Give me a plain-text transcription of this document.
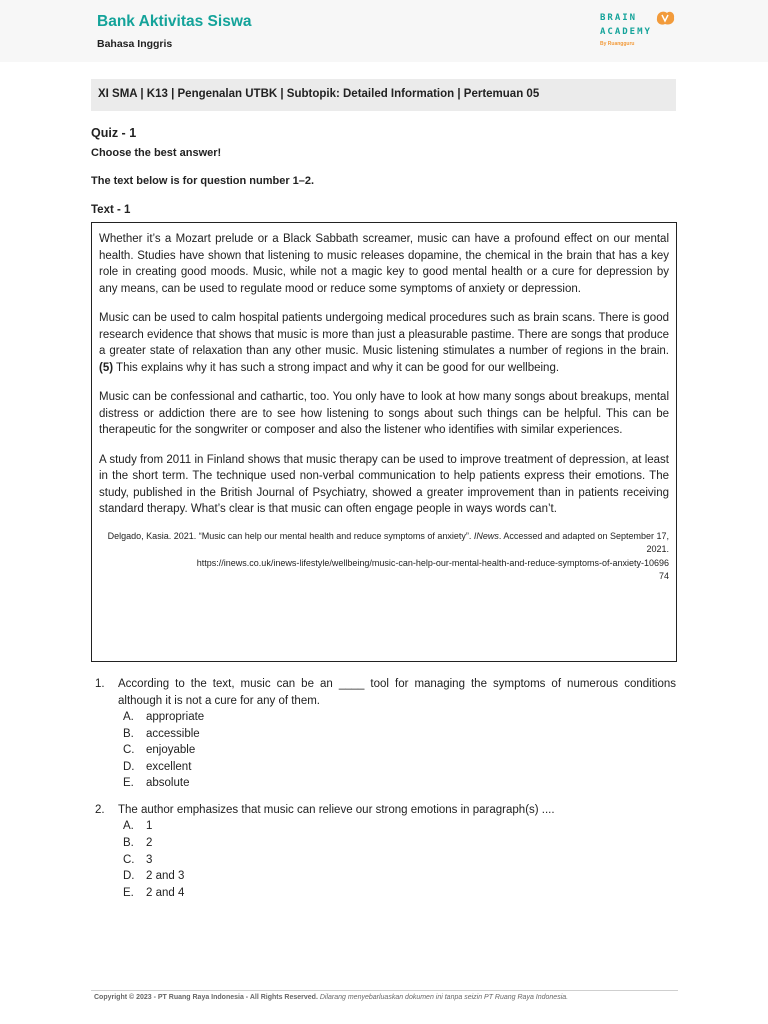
Bank Aktivitas Siswa
Bahasa Inggris
BRAIN
ACADEMY
By Ruangguru
XI SMA | K13 | Pengenalan UTBK | Subtopik: Detailed Information | Pertemuan 05
Quiz - 1
Choose the best answer!
The text below is for question number 1–2.
Text - 1

Whether it’s a Mozart prelude or a Black Sabbath screamer, music can have a profound effect on our mental health. Studies have shown that listening to music releases dopamine, the chemical in the brain that has a key role in creating good moods. Music, while not a magic key to good mental health or a cure for depression by any means, can be used to regulate mood or reduce some symptoms of anxiety or depression.

Music can be used to calm hospital patients undergoing medical procedures such as brain scans. There is good research evidence that shows that music is more than just a pleasurable pastime. There are songs that produce a greater state of relaxation than any other music. Music listening stimulates a number of regions in the brain. (5) This explains why it has such a strong impact and why it can be good for our wellbeing.

Music can be confessional and cathartic, too. You only have to look at how many songs about breakups, mental distress or addiction there are to see how listening to songs about such things can be helpful. This can be therapeutic for the songwriter or composer and also the listener who identifies with similar experiences.

A study from 2011 in Finland shows that music therapy can be used to improve treatment of depression, at least in the short term. The technique used non-verbal communication to help patients express their emotions. The study, published in the British Journal of Psychiatry, showed a greater improvement than in patients receiving standard therapy. What’s clear is that music can often engage people in ways words can’t.

Delgado, Kasia. 2021. “Music can help our mental health and reduce symptoms of anxiety”. INews. Accessed and adapted on September 17, 2021.
https://inews.co.uk/inews-lifestyle/wellbeing/music-can-help-our-mental-health-and-reduce-symptoms-of-anxiety-10696
74
1.	According to the text, music can be an ____ tool for managing the symptoms of numerous conditions although it is not a cure for any of them.
A.	appropriate
B.	accessible
C.	enjoyable
D.	excellent
E.	absolute
2.	The author emphasizes that music can relieve our strong emotions in paragraph(s) ....
A.	1
B.	2
C.	3
D.	2 and 3
E.	2 and 4
Copyright © 2023 - PT Ruang Raya Indonesia - All Rights Reserved. Dilarang menyebarluaskan dokumen ini tanpa seizin PT Ruang Raya Indonesia.
